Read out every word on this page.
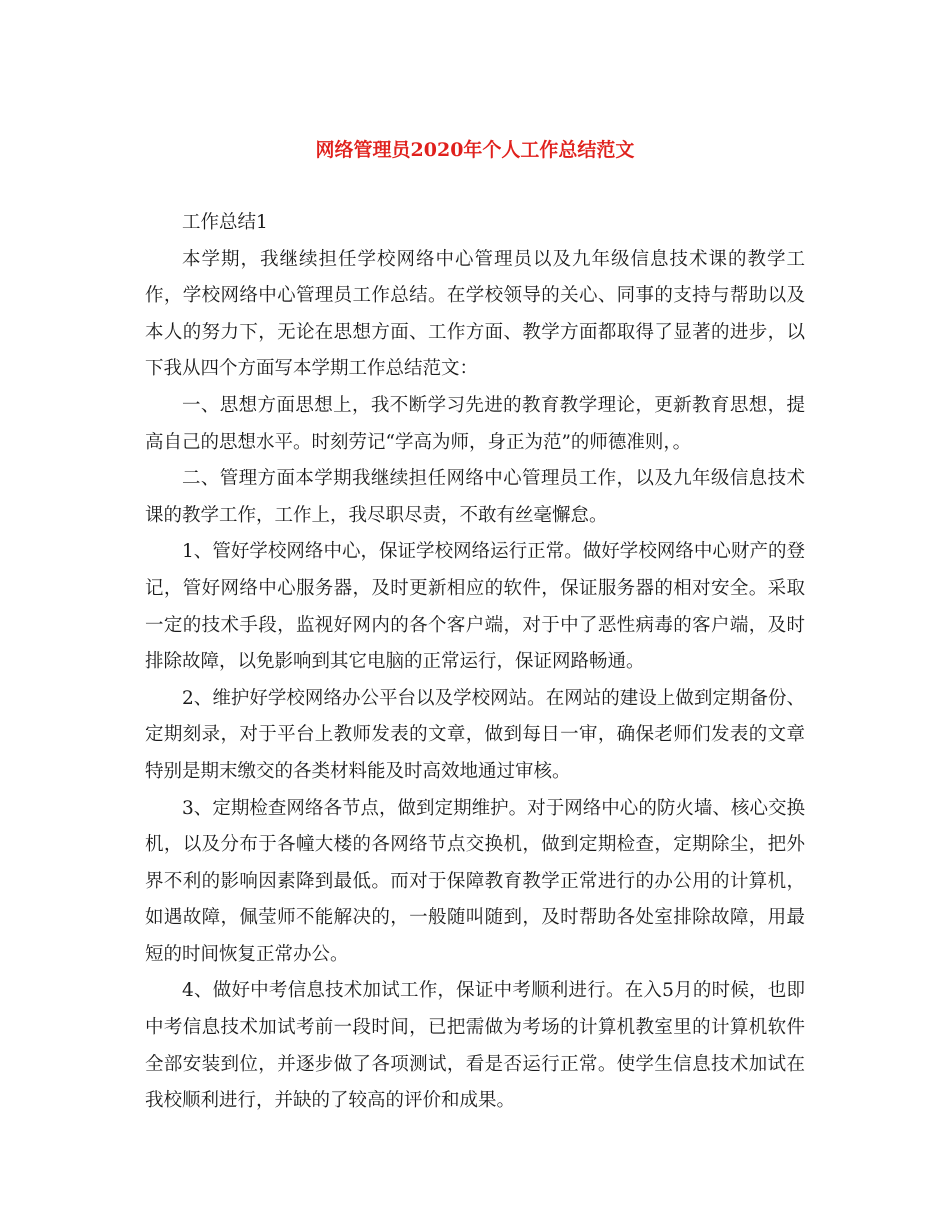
网络管理员2020年个人工作总结范文

工作总结1

本学期，我继续担任学校网络中心管理员以及九年级信息技术课的教学工作，学校网络中心管理员工作总结。在学校领导的关心、同事的支持与帮助以及本人的努力下，无论在思想方面、工作方面、教学方面都取得了显著的进步，以下我从四个方面写本学期工作总结范文：

一、思想方面思想上，我不断学习先进的教育教学理论，更新教育思想，提高自己的思想水平。时刻劳记“学高为师，身正为范”的师德准则，。

二、管理方面本学期我继续担任网络中心管理员工作，以及九年级信息技术课的教学工作，工作上，我尽职尽责，不敢有丝毫懈怠。

1、管好学校网络中心，保证学校网络运行正常。做好学校网络中心财产的登记，管好网络中心服务器，及时更新相应的软件，保证服务器的相对安全。采取一定的技术手段，监视好网内的各个客户端，对于中了恶性病毒的客户端，及时排除故障，以免影响到其它电脑的正常运行，保证网路畅通。

2、维护好学校网络办公平台以及学校网站。在网站的建设上做到定期备份、定期刻录，对于平台上教师发表的文章，做到每日一审，确保老师们发表的文章特别是期末缴交的各类材料能及时高效地通过审核。

3、定期检查网络各节点，做到定期维护。对于网络中心的防火墙、核心交换机，以及分布于各幢大楼的各网络节点交换机，做到定期检查，定期除尘，把外界不利的影响因素降到最低。而对于保障教育教学正常进行的办公用的计算机，如遇故障，佩莹师不能解决的，一般随叫随到，及时帮助各处室排除故障，用最短的时间恢复正常办公。

4、做好中考信息技术加试工作，保证中考顺利进行。在入5月的时候，也即中考信息技术加试考前一段时间，已把需做为考场的计算机教室里的计算机软件全部安装到位，并逐步做了各项测试，看是否运行正常。使学生信息技术加试在我校顺利进行，并缺的了较高的评价和成果。
